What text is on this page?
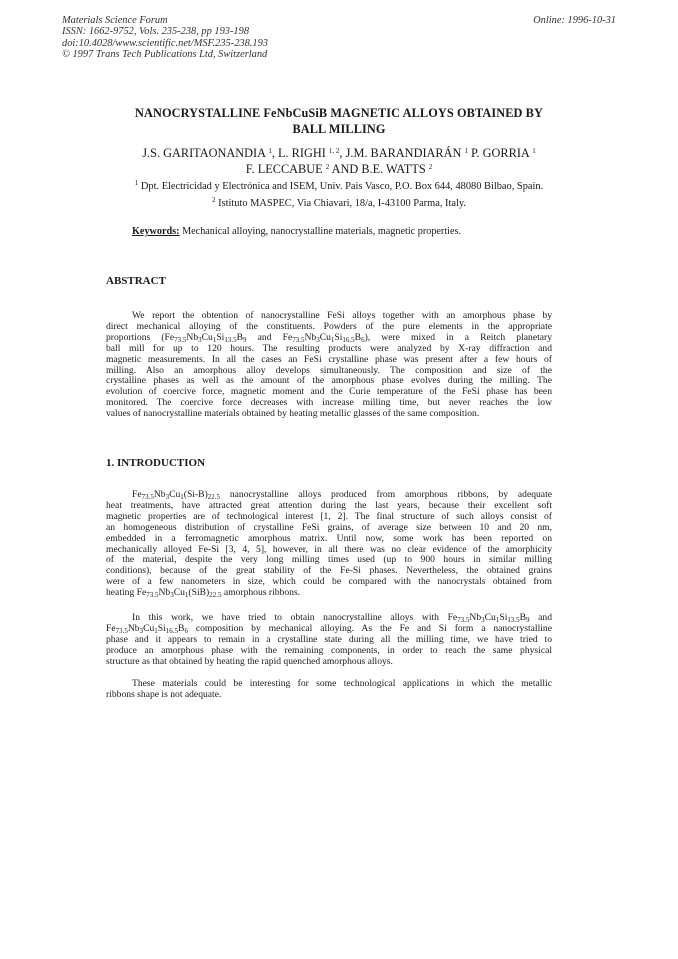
Materials Science Forum
ISSN: 1662-9752, Vols. 235-238, pp 193-198
doi:10.4028/www.scientific.net/MSF.235-238.193
© 1997 Trans Tech Publications Ltd, Switzerland
Online: 1996-10-31
NANOCRYSTALLINE FeNbCuSiB MAGNETIC ALLOYS OBTAINED BY
BALL MILLING
J.S. GARITAONANDIA $^1$, L. RIGHI $^{1, 2}$, J.M. BARANDIARÁN $^1$ P. GORRIA $^1$
F. LECCABUE $^2$ AND B.E. WATTS $^2$
$^1$ Dpt. Electricidad y Electrónica and ISEM, Univ. Pais Vasco, P.O. Box 644, 48080 Bilbao, Spain.
$^2$ Istituto MASPEC, Via Chiavari, 18/a, I-43100 Parma, Italy.
Keywords: Mechanical alloying, nanocrystalline materials, magnetic properties.
ABSTRACT
We report the obtention of nanocrystalline FeSi alloys together with an amorphous phase by
direct mechanical alloying of the constituents. Powders of the pure elements in the appropriate
proportions ($Fe_{73.5}Nb_3Cu_1Si_{13.5}B_9$ and $Fe_{73.5}Nb_3Cu_1Si_{16.5}B_6$), were mixed in a Reitch planetary
ball mill for up to 120 hours. The resulting products were analyzed by X-ray diffraction and
magnetic measurements. In all the cases an FeSi crystalline phase was present after a few hours of
milling. Also an amorphous alloy develops simultaneously. The composition and size of the
crystalline phases as well as the amount of the amorphous phase evolves during the milling. The
evolution of coercive force, magnetic moment and the Curie temperature of the FeSi phase has been
monitored. The coercive force decreases with increase milling time, but never reaches the low
values of nanocrystalline materials obtained by heating metallic glasses of the same composition.
1. INTRODUCTION
$Fe_{73.5}Nb_3Cu_1(Si-B)_{22.5}$ nanocrystalline alloys produced from amorphous ribbons, by adequate
heat treatments, have attracted great attention during the last years, because their excellent soft
magnetic properties are of technological interest [1, 2]. The final structure of such alloys consist of
an homogeneous distribution of crystalline FeSi grains, of average size between 10 and 20 nm,
embedded in a ferromagnetic amorphous matrix. Until now, some work has been reported on
mechanically alloyed Fe-Si [3, 4, 5], however, in all there was no clear evidence of the amorphicity
of the material, despite the very long milling times used (up to 900 hours in similar milling
conditions), because of the great stability of the Fe-Si phases. Nevertheless, the obtained grains
were of a few nanometers in size, which could be compared with the nanocrystals obtained from
heating $Fe_{73.5}Nb_3Cu_1(SiB)_{22.5}$ amorphous ribbons.
In this work, we have tried to obtain nanocrystalline alloys with $Fe_{73.5}Nb_3Cu_1Si_{13.5}B_9$ and
$Fe_{73.5}Nb_3Cu_1Si_{16.5}B_6$ composition by mechanical alloying. As the Fe and Si form a nanocrystalline
phase and it appears to remain in a crystalline state during all the milling time, we have tried to
produce an amorphous phase with the remaining components, in order to reach the same physical
structure as that obtained by heating the rapid quenched amorphous alloys.
These materials could be interesting for some technological applications in which the metallic
ribbons shape is not adequate.
